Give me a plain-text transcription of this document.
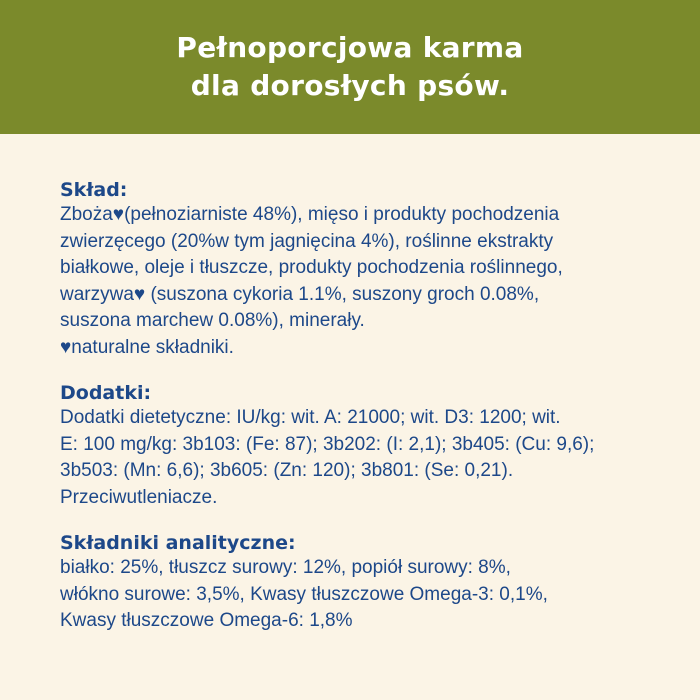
Pełnoporcjowa karma
dla dorosłych psów.
Skład:
Zboża♥(pełnoziarniste 48%), mięso i produkty pochodzenia
zwierzęcego (20%w tym jagnięcina 4%), roślinne ekstrakty
białkowe, oleje i tłuszcze, produkty pochodzenia roślinnego,
warzywa♥ (suszona cykoria 1.1%, suszony groch 0.08%,
suszona marchew 0.08%), minerały.
♥naturalne składniki.
Dodatki:
Dodatki dietetyczne: IU/kg: wit. A: 21000; wit. D3: 1200; wit.
E: 100 mg/kg: 3b103: (Fe: 87); 3b202: (I: 2,1); 3b405: (Cu: 9,6);
3b503: (Mn: 6,6); 3b605: (Zn: 120); 3b801: (Se: 0,21).
Przeciwutleniacze.
Składniki analityczne:
białko: 25%, tłuszcz surowy: 12%, popiół surowy: 8%,
włókno surowe: 3,5%, Kwasy tłuszczowe Omega-3: 0,1%,
Kwasy tłuszczowe Omega-6: 1,8%
